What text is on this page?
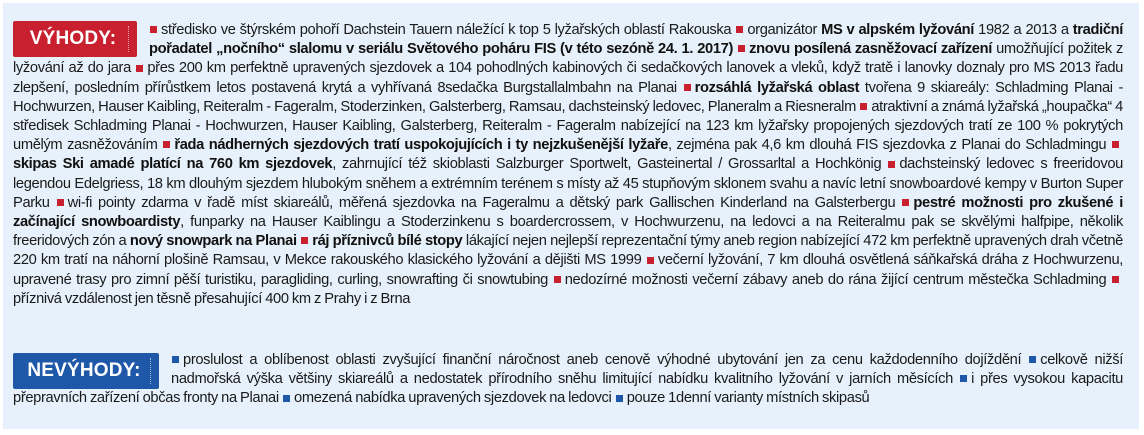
VÝHODY:	středisko ve štýrském pohoří Dachstein Tauern náležící k top 5 lyžařských oblastí Rakouska organizátor MS v alpském lyžování 1982 a 2013 a tradiční pořadatel „nočního“ slalomu v seriálu Světového poháru FIS (v této sezóně 24. 1. 2017) znovu posílená zasněžovací zařízení umožňující požitek z lyžování až do jara přes 200 km perfektně upravených sjezdovek a 104 pohodlných kabinových či sedačkových lanovek a vleků, když tratě i lanovky doznaly pro MS 2013 řadu zlepšení, posledním přírůstkem letos postavená krytá a vyhřívaná 8sedačka Burgstallalmbahn na Planai rozsáhlá lyžařská oblast tvořena 9 skiareály: Schladming Planai - Hochwurzen, Hauser Kaibling, Reiteralm - Fageralm, Stoderzinken, Galsterberg, Ramsau, dachsteinský ledovec, Planeralm a Riesneralm atraktivní a známá lyžařská „houpačka“ 4 středisek Schladming Planai - Hochwurzen, Hauser Kaibling, Galsterberg, Reiteralm - Fageralm nabízející na 123 km lyžařsky propojených sjezdových tratí ze 100 % pokrytých umělým zasněžováním řada nádherných sjezdových tratí uspokojujících i ty nejzkušenější lyžaře, zejména pak 4,6 km dlouhá FIS sjezdovka z Planai do Schladmingu skipas Ski amadé platící na 760 km sjezdovek, zahrnující též skioblasti Salzburger Sportwelt, Gasteinertal / Grossarltal a Hochkönig dachsteinský ledovec s freeridovou legendou Edelgriess, 18 km dlouhým sjezdem hlubokým sněhem a extrémním terénem s místy až 45 stupňovým sklonem svahu a navíc letní snowboardové kempy v Burton Super Parku wi-fi pointy zdarma v řadě míst skiareálů, měřená sjezdovka na Fageralmu a dětský park Gallischen Kinderland na Galsterbergu pestré možnosti pro zkušené i začínající snowboardisty, funparky na Hauser Kaiblingu a Stoderzinkenu s boardercrossem, v Hochwurzenu, na ledovci a na Reiteralmu pak se skvělými halfpipe, několik freeridových zón a nový snowpark na Planai ráj příznivců bílé stopy lákající nejen nejlepší reprezentační týmy aneb region nabízející 472 km perfektně upravených drah včetně 220 km tratí na náhorní plošině Ramsau, v Mekce rakouského klasického lyžování a dějišti MS 1999 večerní lyžování, 7 km dlouhá osvětlená sáňkařská dráha z Hochwurzenu, upravené trasy pro zimní pěší turistiku, paragliding, curling, snowrafting či snowtubing nedozírné možnosti večerní zábavy aneb do rána žijící centrum městečka Schladming příznivá vzdálenost jen těsně přesahující 400 km z Prahy i z Brna
NEVÝHODY:	proslulost a oblíbenost oblasti zvyšující finanční náročnost aneb cenově výhodné ubytování jen za cenu každodenního dojíždění celkově nižší nadmořská výška většiny skiareálů a nedostatek přírodního sněhu limitující nabídku kvalitního lyžování v jarních měsících i přes vysokou kapacitu přepravních zařízení občas fronty na Planai omezená nabídka upravených sjezdovek na ledovci pouze 1denní varianty místních skipasů
